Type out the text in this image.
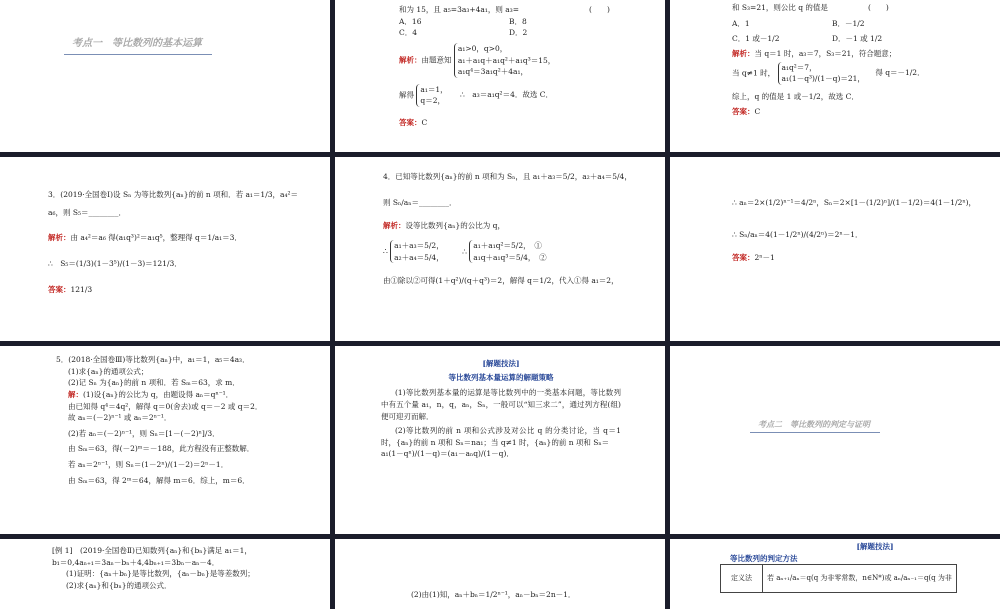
考点一　等比数列的基本运算
和为 15，且 a₅=3a₃+4a₁，则 a₃=	(　　)
A．16	B．8
C．4	D．2
解析：由题意知
a₁>0，q>0，
a₁＋a₁q＋a₁q²＋a₁q³＝15，
a₁q⁴＝3a₁q²＋4a₁，
解得
a₁＝1，
q＝2，
∴　a₃＝a₁q²＝4．故选 C．
答案：C
和 S₃=21，则公比 q 的值是	(　　)
A．1	B．－1/2
C．1 或－1/2	D．－1 或 1/2
解析：当 q＝1 时，a₃＝7，S₃＝21，符合题意；
当 q≠1 时，
a₁q²＝7，
a₁(1－q³)/(1－q)＝21，
得 q＝－1/2．
综上，q 的值是 1 或－1/2，故选 C．
答案：C
3．(2019·全国卷Ⅰ)设 Sₙ 为等比数列{aₙ}的前 n 项和．若 a₁＝1/3，a₄²＝
a₆，则 S₅＝________．
解析：由 a₄²＝a₆ 得(a₁q³)²＝a₁q⁵，整理得 q＝1/a₁＝3．
∴　S₅＝(1/3)(1－3⁵)/(1－3)＝121/3．
答案：121/3
4．已知等比数列{aₙ}的前 n 项和为 Sₙ，且 a₁＋a₃＝5/2，a₂＋a₄＝5/4，
则 Sₙ/aₙ＝________．
解析：设等比数列{aₙ}的公比为 q，
∴
a₁＋a₃＝5/2，
a₂＋a₄＝5/4，
∴
a₁＋a₁q²＝5/2，　①
a₁q＋a₁q³＝5/4，　②
由①除以②可得(1＋q²)/(q＋q³)＝2，解得 q＝1/2，代入①得 a₁＝2，
∴ aₙ＝2×(1/2)ⁿ⁻¹＝4/2ⁿ，Sₙ＝2×[1－(1/2)ⁿ]/(1－1/2)＝4(1－1/2ⁿ)，
∴ Sₙ/aₙ＝4(1－1/2ⁿ)/(4/2ⁿ)＝2ⁿ－1．
答案：2ⁿ－1
5．(2018·全国卷Ⅲ)等比数列{aₙ}中，a₁＝1，a₅＝4a₃．
(1)求{aₙ}的通项公式；
(2)记 Sₙ 为{aₙ}的前 n 项和．若 Sₘ＝63，求 m．
解：(1)设{aₙ}的公比为 q，由题设得 aₙ＝qⁿ⁻¹．
由已知得 q⁴＝4q²，解得 q＝0(舍去)或 q＝－2 或 q＝2．
故 aₙ＝(－2)ⁿ⁻¹ 或 aₙ＝2ⁿ⁻¹．
(2)若 aₙ＝(－2)ⁿ⁻¹，则 Sₙ＝[1－(－2)ⁿ]/3．
由 Sₘ＝63，得(－2)ᵐ＝－188，此方程没有正整数解．
若 aₙ＝2ⁿ⁻¹，则 Sₙ＝(1－2ⁿ)/(1－2)＝2ⁿ－1．
由 Sₘ＝63，得 2ᵐ＝64，解得 m＝6．综上，m＝6．
[解题技法]
等比数列基本量运算的解题策略
(1)等比数列基本量的运算是等比数列中的一类基本问题，等比数列中有五个量 a₁，n，q，aₙ，Sₙ，一般可以“知三求二”，通过列方程(组)便可迎刃而解．
(2)等比数列的前 n 项和公式涉及对公比 q 的分类讨论，当 q＝1 时，{aₙ}的前 n 项和 Sₙ＝na₁；当 q≠1 时，{aₙ}的前 n 项和 Sₙ＝
a₁(1－qⁿ)/(1－q)＝(a₁－aₙq)/(1－q)．
考点二　等比数列的判定与证明
[例 1]　(2019·全国卷Ⅱ)已知数列{aₙ}和{bₙ}满足 a₁＝1，
b₁＝0,4aₙ₊₁＝3aₙ－bₙ＋4,4bₙ₊₁＝3bₙ－aₙ－4．
(1)证明：{aₙ＋bₙ}是等比数列，{aₙ－bₙ}是等差数列；
(2)求{aₙ}和{bₙ}的通项公式．
(2)由(1)知，aₙ＋bₙ＝1/2ⁿ⁻¹，aₙ－bₙ＝2n－1．
[解题技法]
等比数列的判定方法
定义法	若 aₙ₊₁/aₙ＝q(q 为非零常数，n∈N*)或 aₙ/aₙ₋₁＝q(q 为非
